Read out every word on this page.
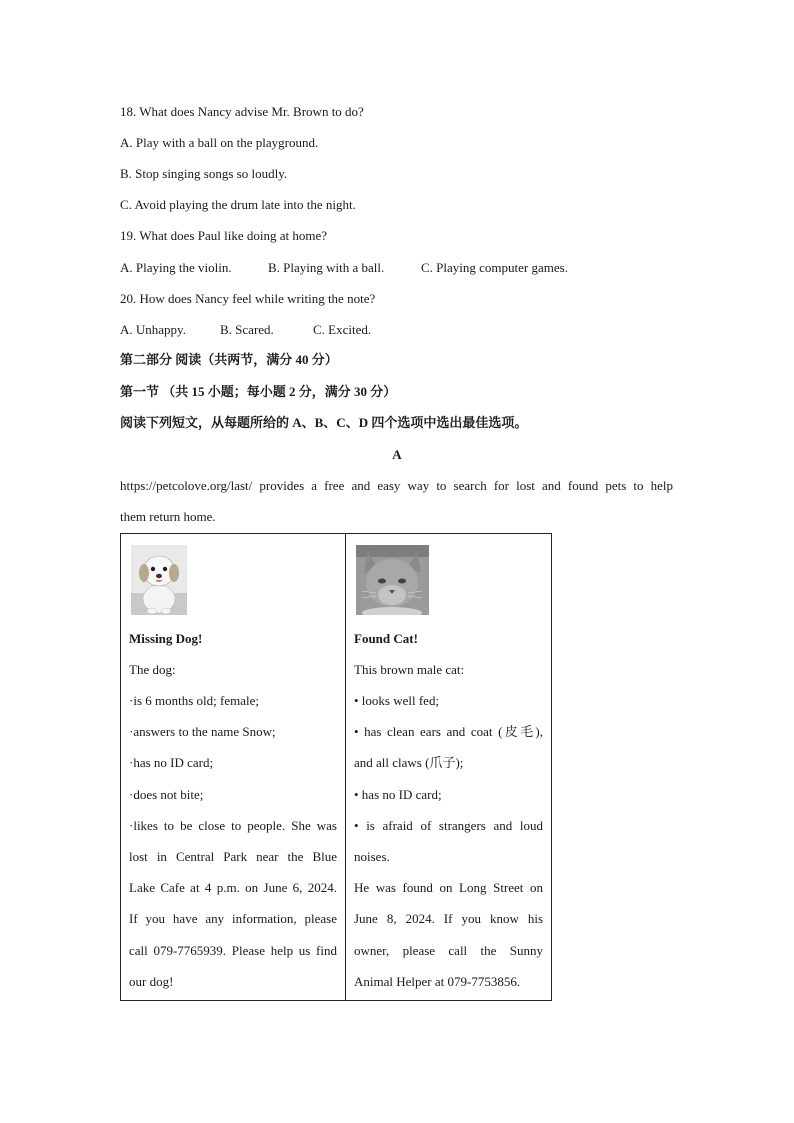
18. What does Nancy advise Mr. Brown to do?
A. Play with a ball on the playground.
B. Stop singing songs so loudly.
C. Avoid playing the drum late into the night.
19. What does Paul like doing at home?
A. Playing the violin.	B. Playing with a ball.	C. Playing computer games.
20. How does Nancy feel while writing the note?
A. Unhappy.	B. Scared.	C. Excited.
第二部分 阅读（共两节，满分 40 分）
第一节 （共 15 小题；每小题 2 分，满分 30 分）
阅读下列短文，从每题所给的 A、B、C、D 四个选项中选出最佳选项。
A
https://petcolove.org/last/ provides a free and easy way to search for lost and found pets to help
them return home.
Missing Dog!
The dog:
·is 6 months old; female;
·answers to the name Snow;
·has no ID card;
·does not bite;
·likes to be close to people. She was
lost in Central Park near the Blue
Lake Cafe at 4 p.m. on June 6, 2024.
If you have any information, please
call 079-7765939. Please help us find
our dog!

Found Cat!
This brown male cat:
• looks well fed;
• has clean ears and coat (皮毛),
and all claws (爪子);
• has no ID card;
• is afraid of strangers and loud
noises.
He was found on Long Street on
June 8, 2024. If you know his
owner, please call the Sunny
Animal Helper at 079-7753856.
